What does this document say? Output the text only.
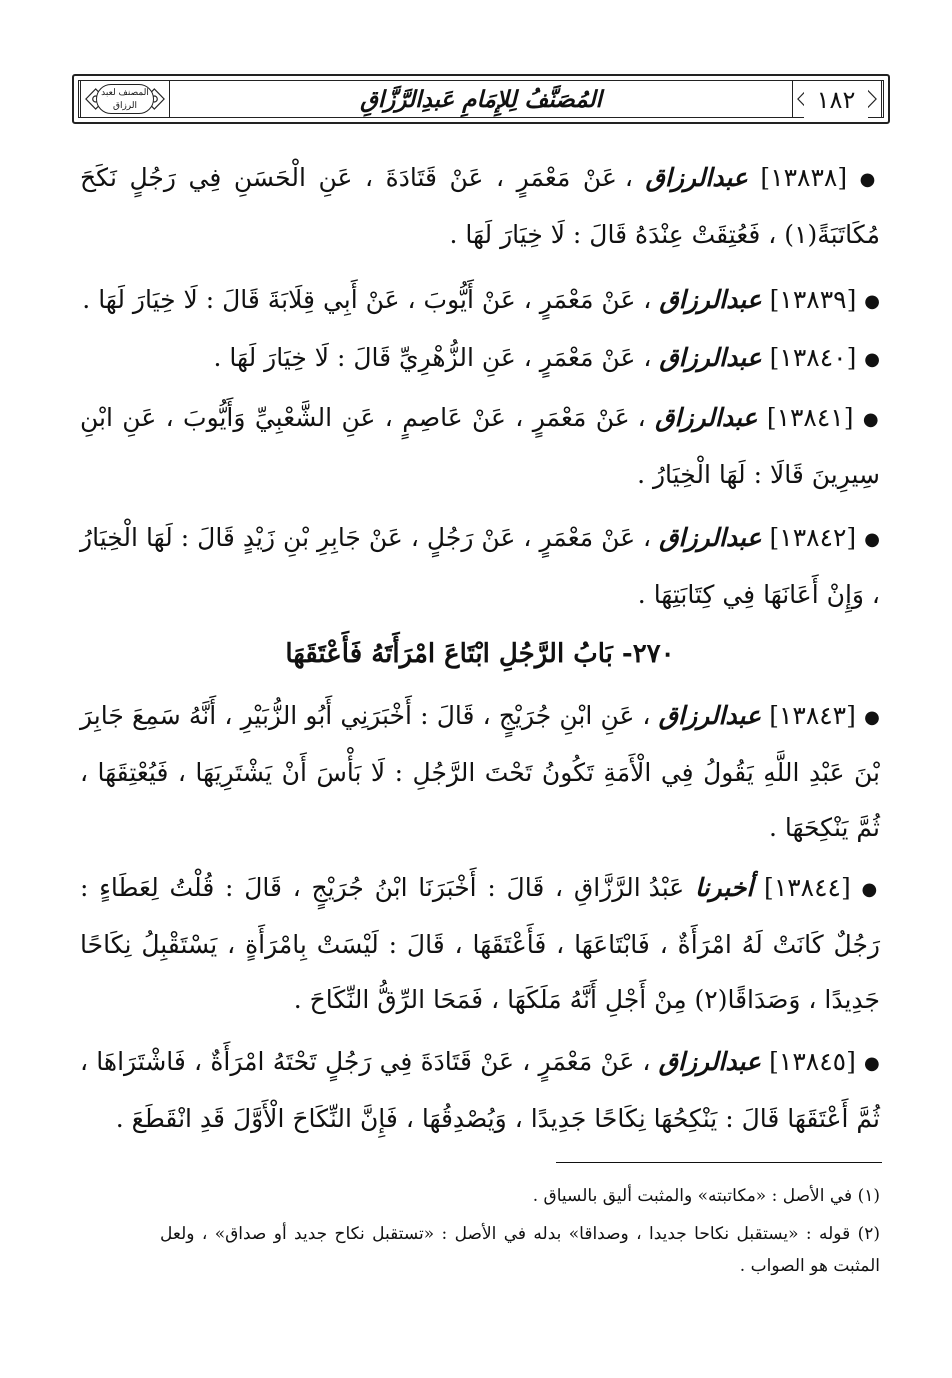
المصنف لعبد الرزاق	١٨٢
المُصَنَّفُ لِلإِمَامِ عَبدِالرَّزَّاقِ
● [١٣٨٣٨] عبدالرزاق ، عَنْ مَعْمَرٍ ، عَنْ قَتَادَةَ ، عَنِ الْحَسَنِ فِي رَجُلٍ نَكَحَ مُكَاتَبَةً(١) ، فَعُتِقَتْ عِنْدَهُ قَالَ : لَا خِيَارَ لَهَا .
● [١٣٨٣٩] عبدالرزاق ، عَنْ مَعْمَرٍ ، عَنْ أَيُّوبَ ، عَنْ أَبِي قِلَابَةَ قَالَ : لَا خِيَارَ لَهَا .
● [١٣٨٤٠] عبدالرزاق ، عَنْ مَعْمَرٍ ، عَنِ الزُّهْرِيِّ قَالَ : لَا خِيَارَ لَهَا .
● [١٣٨٤١] عبدالرزاق ، عَنْ مَعْمَرٍ ، عَنْ عَاصِمٍ ، عَنِ الشَّعْبِيِّ وَأَيُّوبَ ، عَنِ ابْنِ سِيرِينَ قَالَا : لَهَا الْخِيَارُ .
● [١٣٨٤٢] عبدالرزاق ، عَنْ مَعْمَرٍ ، عَنْ رَجُلٍ ، عَنْ جَابِرِ بْنِ زَيْدٍ قَالَ : لَهَا الْخِيَارُ ، وَإِنْ أَعَانَهَا فِي كِتَابَتِهَا .
٢٧٠- بَابُ الرَّجُلِ ابْتَاعَ امْرَأَتَهُ فَأَعْتَقَهَا
● [١٣٨٤٣] عبدالرزاق ، عَنِ ابْنِ جُرَيْجٍ ، قَالَ : أَخْبَرَنِي أَبُو الزُّبَيْرِ ، أَنَّهُ سَمِعَ جَابِرَ بْنَ عَبْدِ اللَّهِ يَقُولُ فِي الْأَمَةِ تَكُونُ تَحْتَ الرَّجُلِ : لَا بَأْسَ أَنْ يَشْتَرِيَهَا ، فَيُعْتِقَهَا ، ثُمَّ يَنْكِحَهَا .
● [١٣٨٤٤] أخبرنا عَبْدُ الرَّزَّاقِ ، قَالَ : أَخْبَرَنَا ابْنُ جُرَيْجٍ ، قَالَ : قُلْتُ لِعَطَاءٍ : رَجُلٌ كَانَتْ لَهُ امْرَأَةٌ ، فَابْتَاعَهَا ، فَأَعْتَقَهَا ، قَالَ : لَيْسَتْ بِامْرَأَةٍ ، يَسْتَقْبِلُ نِكَاحًا جَدِيدًا ، وَصَدَاقًا(٢) مِنْ أَجْلِ أَنَّهُ مَلَكَهَا ، فَمَحَا الرِّقُّ النِّكَاحَ .
● [١٣٨٤٥] عبدالرزاق ، عَنْ مَعْمَرٍ ، عَنْ قَتَادَةَ فِي رَجُلٍ تَحْتَهُ امْرَأَةٌ ، فَاشْتَرَاهَا ، ثُمَّ أَعْتَقَهَا قَالَ : يَنْكِحُهَا نِكَاحًا جَدِيدًا ، وَيُصْدِقُهَا ، فَإِنَّ النِّكَاحَ الْأَوَّلَ قَدِ انْقَطَعَ .
(١) في الأصل : «مكاتبته» والمثبت أليق بالسياق .
(٢) قوله : «يستقبل نكاحا جديدا ، وصداقا» بدله في الأصل : «تستقبل نكاح جديد أو صداق» ، ولعل المثبت هو الصواب .
